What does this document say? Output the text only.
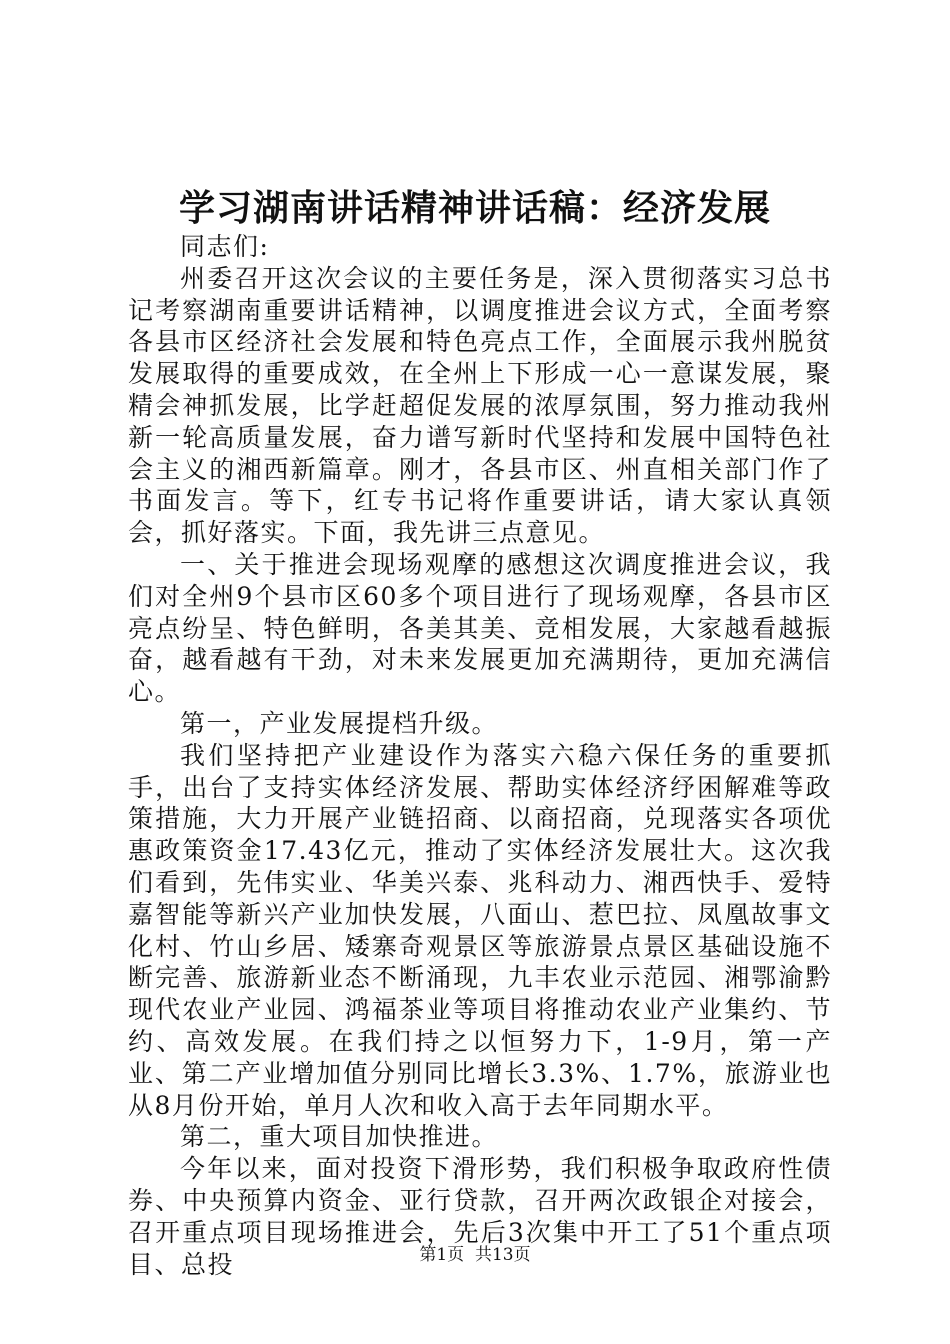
学习湖南讲话精神讲话稿：经济发展

同志们:

州委召开这次会议的主要任务是，深入贯彻落实习总书记考察湖南重要讲话精神，以调度推进会议方式，全面考察各县市区经济社会发展和特色亮点工作，全面展示我州脱贫发展取得的重要成效，在全州上下形成一心一意谋发展，聚精会神抓发展，比学赶超促发展的浓厚氛围，努力推动我州新一轮高质量发展，奋力谱写新时代坚持和发展中国特色社会主义的湘西新篇章。刚才，各县市区、州直相关部门作了书面发言。等下，红专书记将作重要讲话，请大家认真领会，抓好落实。下面，我先讲三点意见。

一、关于推进会现场观摩的感想这次调度推进会议，我们对全州9个县市区60多个项目进行了现场观摩，各县市区亮点纷呈、特色鲜明，各美其美、竞相发展，大家越看越振奋，越看越有干劲，对未来发展更加充满期待，更加充满信心。

第一，产业发展提档升级。

我们坚持把产业建设作为落实六稳六保任务的重要抓手，出台了支持实体经济发展、帮助实体经济纾困解难等政策措施，大力开展产业链招商、以商招商，兑现落实各项优惠政策资金17.43亿元，推动了实体经济发展壮大。这次我们看到，先伟实业、华美兴泰、兆科动力、湘西快手、爱特嘉智能等新兴产业加快发展，八面山、惹巴拉、凤凰故事文化村、竹山乡居、矮寨奇观景区等旅游景点景区基础设施不断完善、旅游新业态不断涌现，九丰农业示范园、湘鄂渝黔现代农业产业园、鸿福茶业等项目将推动农业产业集约、节约、高效发展。在我们持之以恒努力下，1-9月，第一产业、第二产业增加值分别同比增长3.3%、1.7%，旅游业也从8月份开始，单月人次和收入高于去年同期水平。

第二，重大项目加快推进。

今年以来，面对投资下滑形势，我们积极争取政府性债券、中央预算内资金、亚行贷款，召开两次政银企对接会，召开重点项目现场推进会，先后3次集中开工了51个重点项目、总投	第1页  共13页
